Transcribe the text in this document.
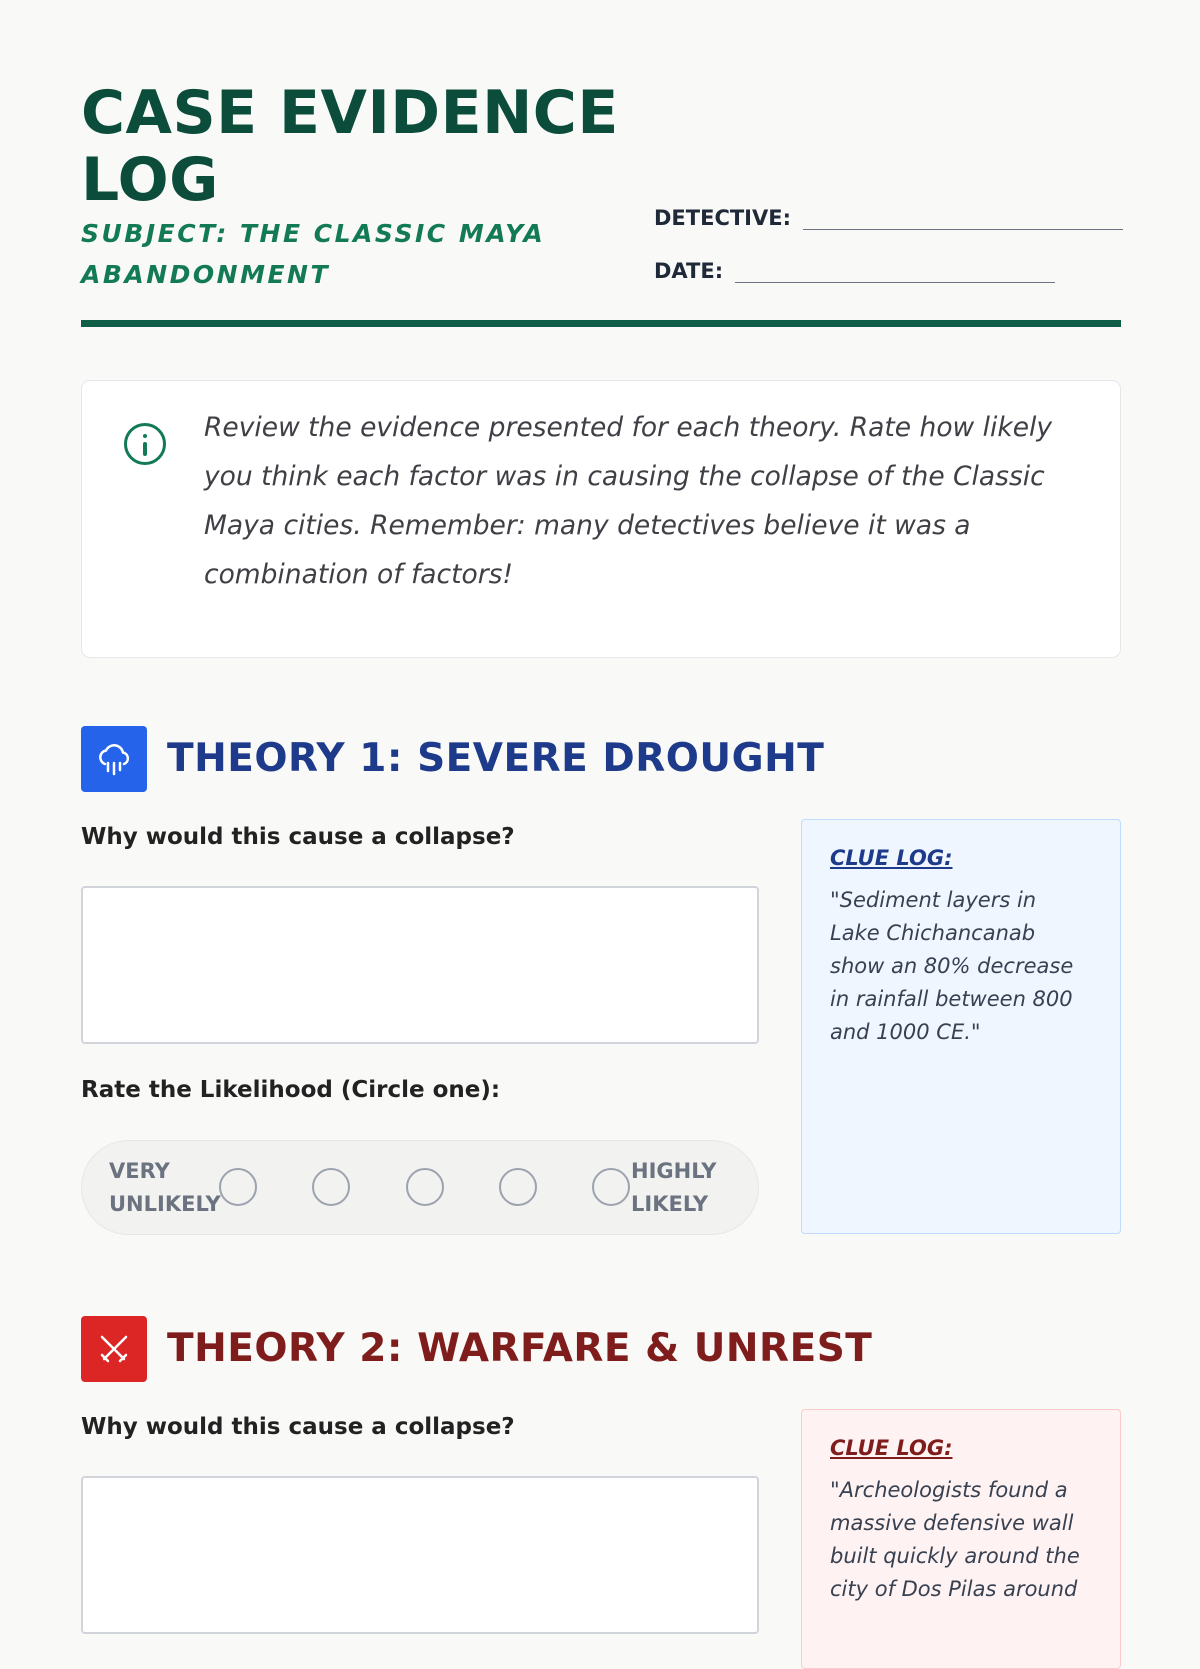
CASE EVIDENCE LOG
SUBJECT: THE CLASSIC MAYA ABANDONMENT
DETECTIVE:
DATE:
Review the evidence presented for each theory. Rate how likely you think each factor was in causing the collapse of the Classic Maya cities. Remember: many detectives believe it was a combination of factors!
THEORY 1: SEVERE DROUGHT
Why would this cause a collapse?
Rate the Likelihood (Circle one):
VERY UNLIKELY
HIGHLY LIKELY
CLUE LOG:
"Sediment layers in Lake Chichancanab show an 80% decrease in rainfall between 800 and 1000 CE."
THEORY 2: WARFARE & UNREST
Why would this cause a collapse?
CLUE LOG:
"Archeologists found a massive defensive wall built quickly around the city of Dos Pilas around
